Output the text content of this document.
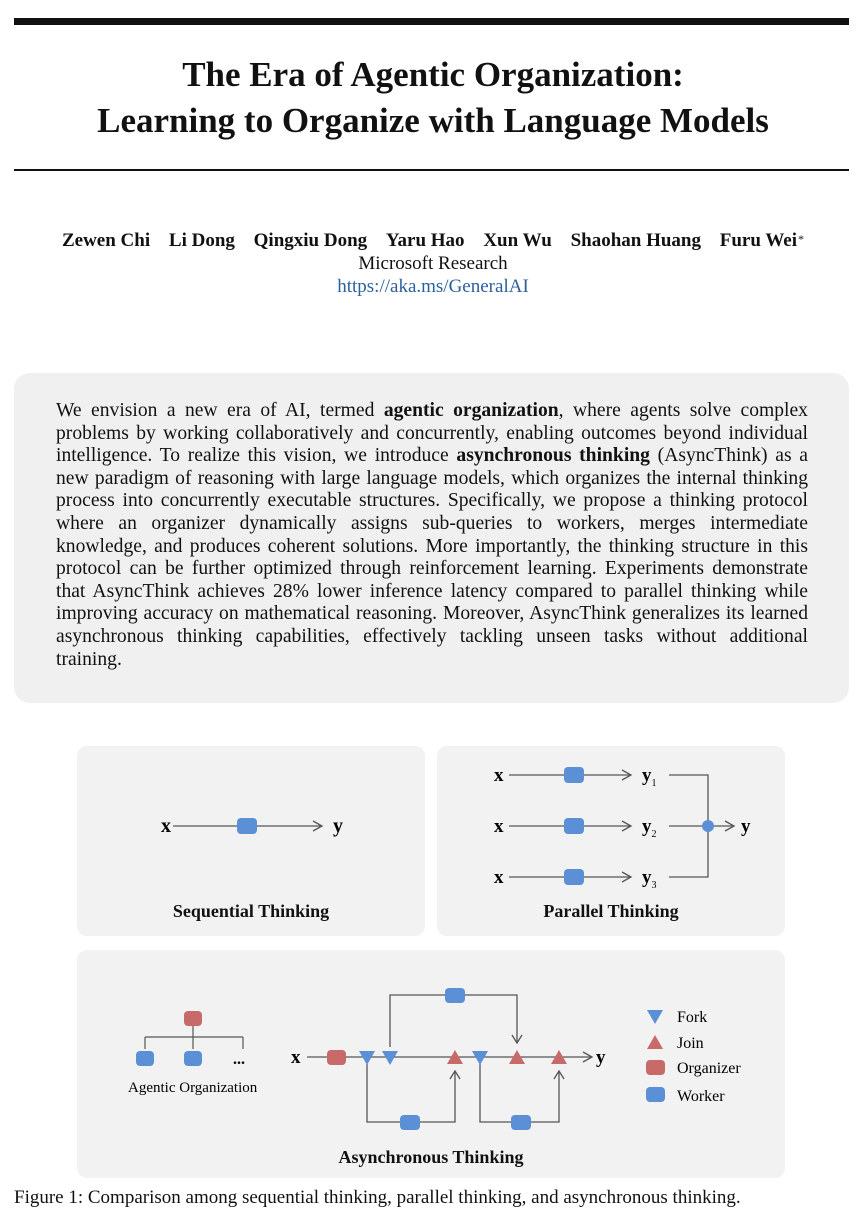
The Era of Agentic Organization:
Learning to Organize with Language Models
Zewen Chi Li Dong Qingxiu Dong Yaru Hao Xun Wu Shaohan Huang Furu Wei*
Microsoft Research
https://aka.ms/GeneralAI

We envision a new era of AI, termed agentic organization, where agents solve complex problems by working collaboratively and concurrently, enabling outcomes beyond individual intelligence. To realize this vision, we introduce asynchronous thinking (AsyncThink) as a new paradigm of reasoning with large language models, which organizes the internal thinking process into concurrently executable structures. Specifically, we propose a thinking protocol where an organizer dynamically assigns sub-queries to workers, merges intermediate knowledge, and produces coherent solutions. More importantly, the thinking structure in this protocol can be further optimized through reinforcement learning. Experiments demonstrate that AsyncThink achieves 28% lower inference latency compared to parallel thinking while improving accuracy on mathematical reasoning. Moreover, AsyncThink generalizes its learned asynchronous thinking capabilities, effectively tackling unseen tasks without additional training.

x	y
Sequential Thinking
x	$y_1$
x	$y_2$
x	$y_3$
y
Parallel Thinking
...
Agentic Organization
x	y
Fork
Join
Organizer
Worker
Asynchronous Thinking
Figure 1: Comparison among sequential thinking, parallel thinking, and asynchronous thinking.
